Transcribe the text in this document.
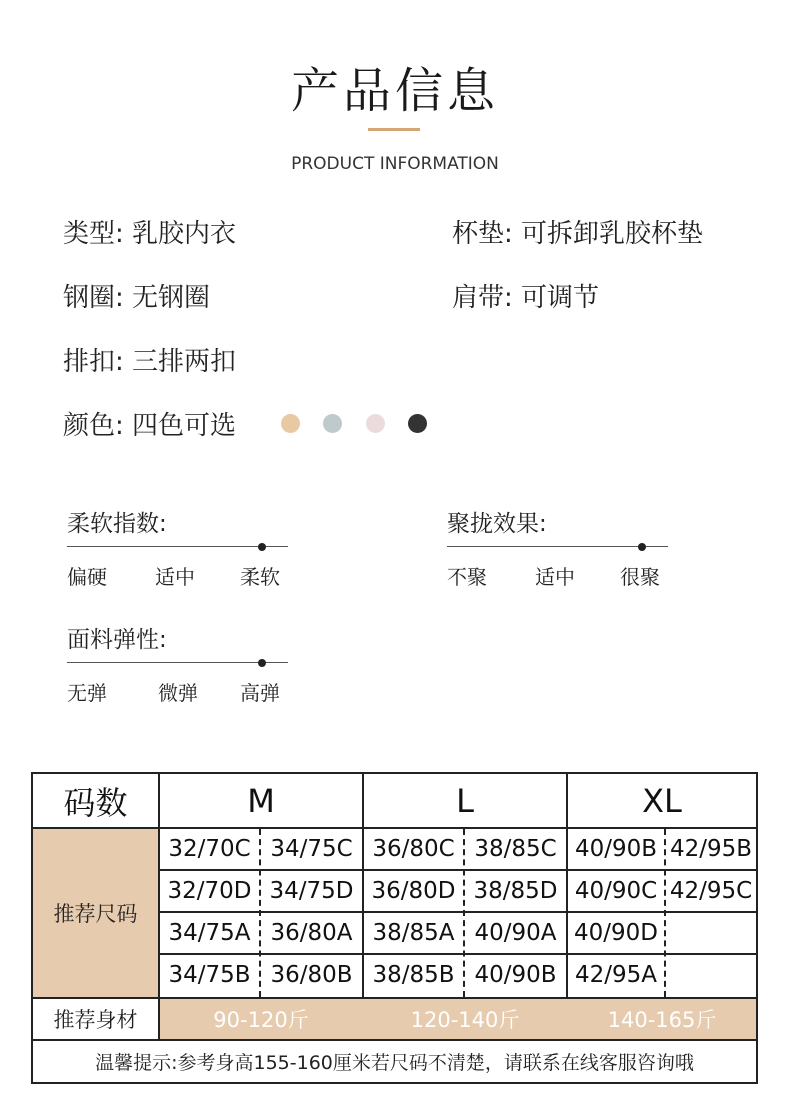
产品信息
PRODUCT INFORMATION
类型: 乳胶内衣	杯垫: 可拆卸乳胶杯垫
钢圈: 无钢圈	肩带: 可调节
排扣: 三排两扣
颜色: 四色可选
柔软指数:
偏硬 适中 柔软
聚拢效果:
不聚 适中 很聚
面料弹性:
无弹	微弹 高弹
推荐尺码
码数	M	L	XL
32/70C 34/75C 36/80C 38/85C 40/90B 42/95B
32/70D 34/75D 36/80D 38/85D 40/90C 42/95C
34/75A 36/80A 38/85A 40/90A 40/90D
34/75B 36/80B 38/85B 40/90B 42/95A
推荐身材	90-120斤	120-140斤	140-165斤
温馨提示:参考身高155-160厘米若尺码不清楚，请联系在线客服咨询哦
